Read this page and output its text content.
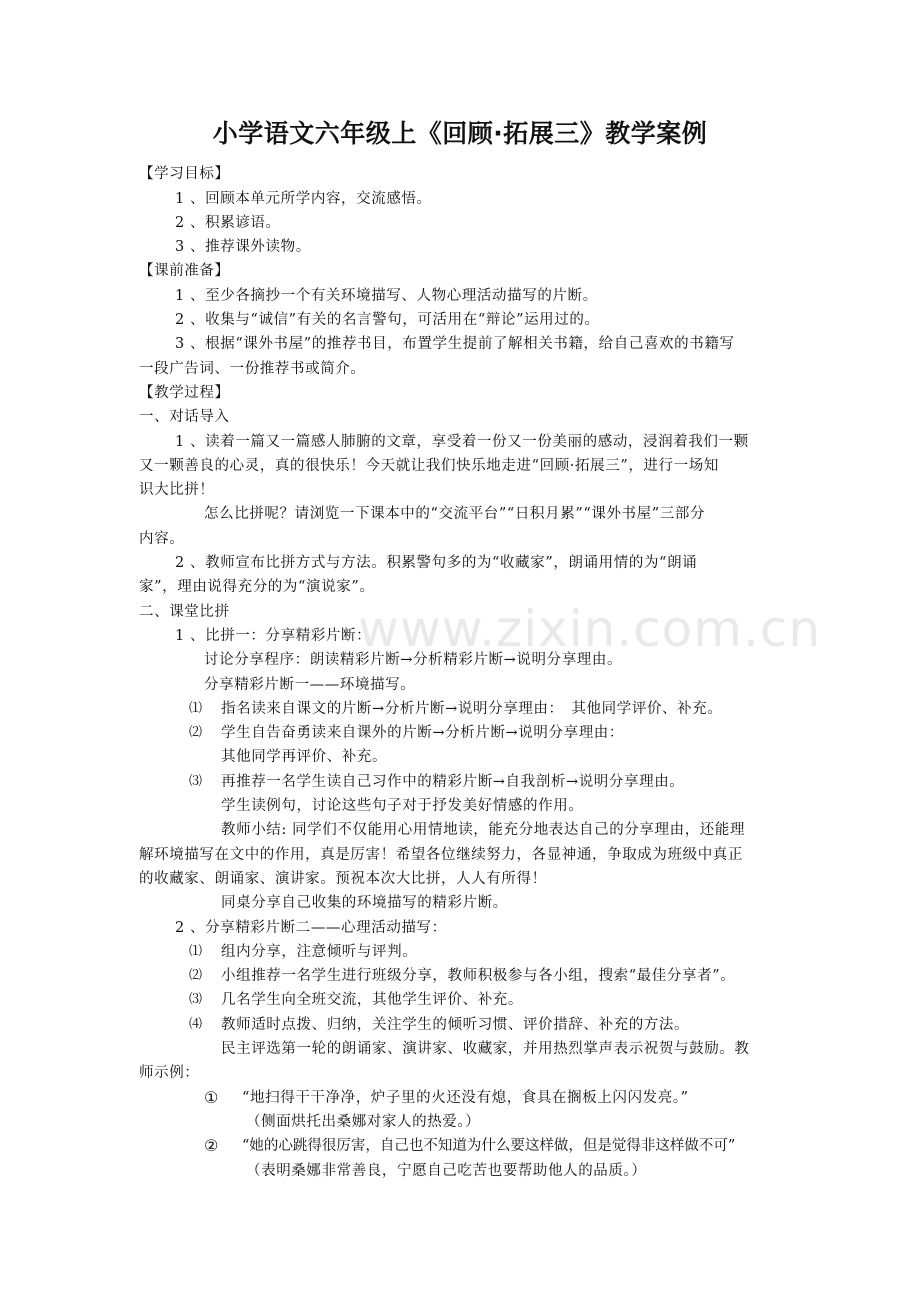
www.zixin.com.cn
小学语文六年级上《回顾·拓展三》教学案例
【学习目标】
1 、回顾本单元所学内容，交流感悟。
2 、积累谚语。
3 、推荐课外读物。
【课前准备】
1 、至少各摘抄一个有关环境描写、人物心理活动描写的片断。
2 、收集与“诚信”有关的名言警句，可活用在“辩论”运用过的。
3 、根据“课外书屋”的推荐书目，布置学生提前了解相关书籍，给自己喜欢的书籍写
一段广告词、一份推荐书或简介。
【教学过程】
一、对话导入
1 、读着一篇又一篇感人肺腑的文章，享受着一份又一份美丽的感动，浸润着我们一颗
又一颗善良的心灵，真的很快乐！今天就让我们快乐地走进“回顾·拓展三”，进行一场知
识大比拼！
怎么比拼呢？请浏览一下课本中的“交流平台”“日积月累”“课外书屋”三部分
内容。
2 、教师宣布比拼方式与方法。积累警句多的为“收藏家”，朗诵用情的为“朗诵
家”，理由说得充分的为“演说家”。
二、课堂比拼
1 、比拼一：分享精彩片断：
讨论分享程序：朗读精彩片断→分析精彩片断→说明分享理由。
分享精彩片断一——环境描写。
⑴ 指名读来自课文的片断→分析片断→说明分享理由：　其他同学评价、补充。
⑵ 学生自告奋勇读来自课外的片断→分析片断→说明分享理由：
其他同学再评价、补充。
⑶ 再推荐一名学生读自己习作中的精彩片断→自我剖析→说明分享理由。
学生读例句，讨论这些句子对于抒发美好情感的作用。
教师小结: 同学们不仅能用心用情地读，能充分地表达自己的分享理由，还能理
解环境描写在文中的作用，真是厉害！希望各位继续努力，各显神通，争取成为班级中真正
的收藏家、朗诵家、演讲家。预祝本次大比拼，人人有所得！
同桌分享自己收集的环境描写的精彩片断。
2 、分享精彩片断二——心理活动描写：
⑴ 组内分享，注意倾听与评判。
⑵ 小组推荐一名学生进行班级分享，教师积极参与各小组，搜索“最佳分享者”。
⑶ 几名学生向全班交流，其他学生评价、补充。
⑷ 教师适时点拨、归纳，关注学生的倾听习惯、评价措辞、补充的方法。
民主评选第一轮的朗诵家、演讲家、收藏家，并用热烈掌声表示祝贺与鼓励。教
师示例：
① “地扫得干干净净，炉子里的火还没有熄，食具在搁板上闪闪发亮。”
（侧面烘托出桑娜对家人的热爱。）
② “她的心跳得很厉害，自己也不知道为什么要这样做，但是觉得非这样做不可”
（表明桑娜非常善良，宁愿自己吃苦也要帮助他人的品质。）
